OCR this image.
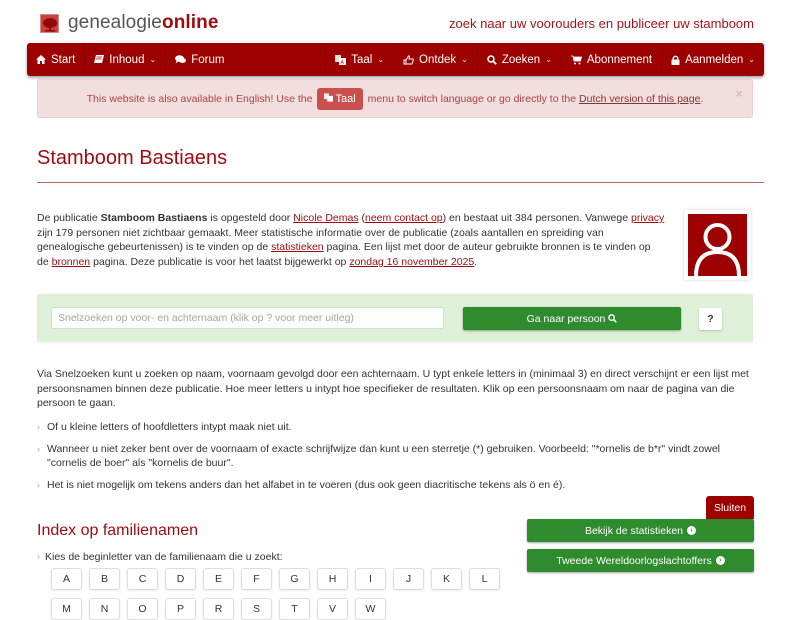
genealogieonline	zoek naar uw voorouders en publiceer uw stamboom
Start	Inhoud ⌄	Forum	A Taal ⌄	Ontdek ⌄	Zoeken ⌄	Abonnement	Aanmelden ⌄
This website is also available in English! Use the Taal menu to switch language or go directly to the Dutch version of this page . ×
Stamboom Bastiaens
De publicatie Stamboom Bastiaens is opgesteld door Nicole Demas (neem contact op) en bestaat uit 384 personen. Vanwege privacy zijn 179 personen niet zichtbaar gemaakt. Meer statistische informatie over de publicatie (zoals aantallen en spreiding van genealogische gebeurtenissen) is te vinden op de statistieken pagina. Een lijst met door de auteur gebruikte bronnen is te vinden op de bronnen pagina. Deze publicatie is voor het laatst bijgewerkt op zondag 16 november 2025.
Snelzoeken op voor- en achternaam (klik op ? voor meer uitleg)
Ga naar persoon	?

Via Snelzoeken kunt u zoeken op naam, voornaam gevolgd door een achternaam. U typt enkele letters in (minimaal 3) en direct verschijnt er een lijst met persoonsnamen binnen deze publicatie. Hoe meer letters u intypt hoe specifieker de resultaten. Klik op een persoonsnaam om naar de pagina van die persoon te gaan.

› Of u kleine letters of hoofdletters intypt maak niet uit.
› Wanneer u niet zeker bent over de voornaam of exacte schrijfwijze dan kunt u een sterretje (*) gebruiken. Voorbeeld: "*ornelis de b*r" vindt zowel "cornelis de boer" als "kornelis de buur".
› Het is niet mogelijk om tekens anders dan het alfabet in te voeren (dus ook geen diacritische tekens als ö en é).
Sluiten
Bekijk de statistieken	›
Tweede Wereldoorlogslachtoffers	›
Index op familienamen
› Kies de beginletter van de familienaam die u zoekt:
A	B	C	D	E	F	G	H	I	J	K	L
M	N	O	P	R	S	T	V	W
